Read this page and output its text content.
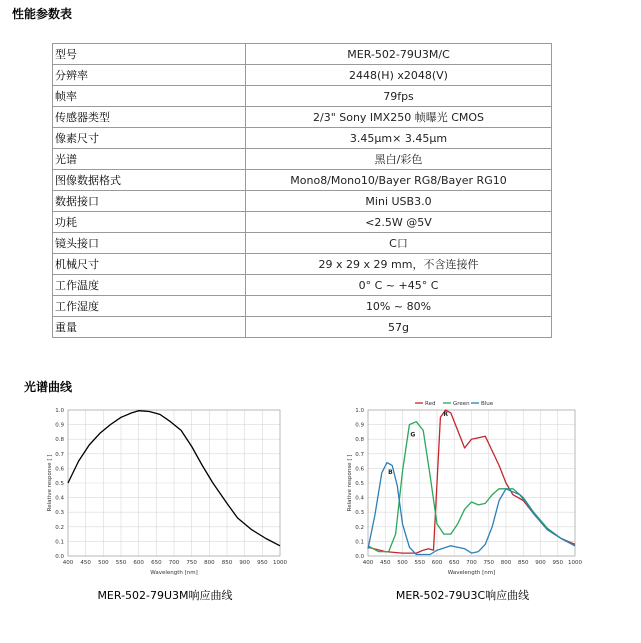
性能参数表
型号	MER-502-79U3M/C
分辨率	2448(H) x2048(V)
帧率	79fps
传感器类型	2/3" Sony IMX250 帧曝光 CMOS
像素尺寸	3.45μm× 3.45μm
光谱	黑白/彩色
图像数据格式	Mono8/Mono10/Bayer RG8/Bayer RG10
数据接口	Mini USB3.0
功耗	<2.5W @5V
镜头接口	C口
机械尺寸	29 x 29 x 29 mm，不含连接件
工作温度	0° C ~ +45° C
工作湿度	10% ~ 80%
重量	57g
光谱曲线
0.0
0.1
0.2
0.3
0.4
0.5
0.6
0.7
0.8
0.9
1.0
400 450 500 550 600 650 700 750 800 850 900 950 1000
Wavelength [nm]
Relative response [ ]
0.0
0.1
0.2
0.3
0.4
0.5
0.6
0.7
0.8
0.9
1.0
400 450 500 550 600 650 700 750 800 850 900 950 1000
Wavelength [nm]
Relative response [ ]	B
G
R
Red	Green Blue
MER-502-79U3M响应曲线	MER-502-79U3C响应曲线
